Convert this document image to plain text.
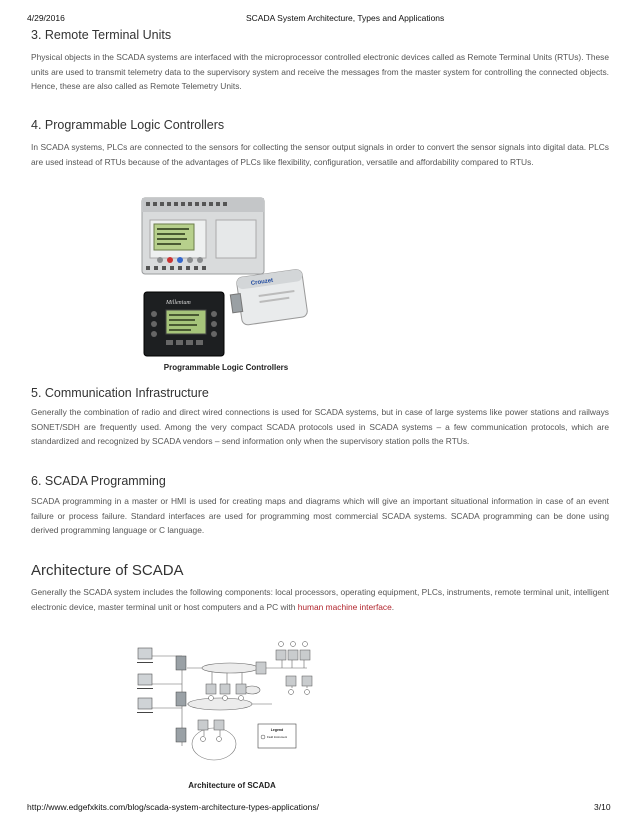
4/29/2016	SCADA System Architecture, Types and Applications
3. Remote Terminal Units

Physical objects in the SCADA systems are interfaced with the microprocessor controlled electronic devices called as Remote Terminal Units (RTUs). These units are used to transmit telemetry data to the supervisory system and receive the messages from the master system for controlling the connected objects. Hence, these are also called as Remote Telemetry Units.

4. Programmable Logic Controllers

In SCADA systems, PLCs are connected to the sensors for collecting the sensor output signals in order to convert the sensor signals into digital data. PLCs are used instead of RTUs because of the advantages of PLCs like flexibility, configuration, versatile and affordability compared to RTUs.

Millenium
Crouzet
Programmable Logic Controllers
5. Communication Infrastructure

Generally the combination of radio and direct wired connections is used for SCADA systems, but in case of large systems like power stations and railways SONET/SDH are frequently used. Among the very compact SCADA protocols used in SCADA systems – a few communication protocols, which are standardized and recognized by SCADA vendors – send information only when the supervisory station polls the RTUs.

6. SCADA Programming

SCADA programming in a master or HMI is used for creating maps and diagrams which will give an important situational information in case of an event failure or process failure. Standard interfaces are used for programming most commercial SCADA systems. SCADA programming can be done using derived programming language or C language.

Architecture of SCADA

Generally the SCADA system includes the following components: local processors, operating equipment, PLCs, instruments, remote terminal unit, intelligent electronic device, master terminal unit or host computers and a PC with human machine interface.

Legend
Field Instrument
Architecture of SCADA
http://www.edgefxkits.com/blog/scada-system-architecture-types-applications/	3/10
